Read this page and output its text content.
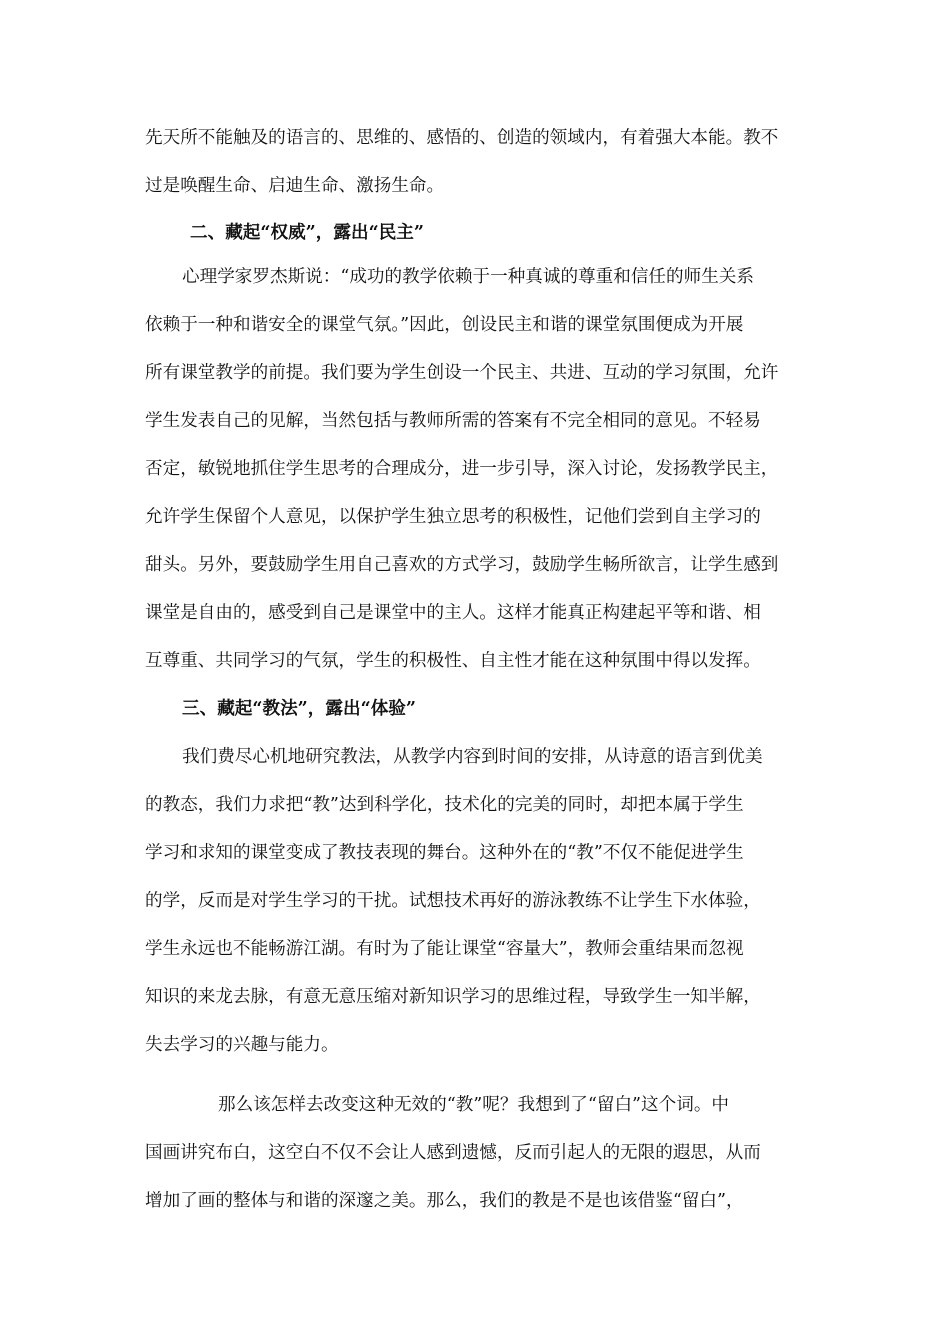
先天所不能触及的语言的、思维的、感悟的、创造的领域内，有着强大本能。教不
过是唤醒生命、启迪生命、激扬生命。
二、藏起“权威”，露出“民主”
心理学家罗杰斯说：“成功的教学依赖于一种真诚的尊重和信任的师生关系
依赖于一种和谐安全的课堂气氛。”因此，创设民主和谐的课堂氛围便成为开展
所有课堂教学的前提。我们要为学生创设一个民主、共进、互动的学习氛围，允许
学生发表自己的见解，当然包括与教师所需的答案有不完全相同的意见。不轻易
否定，敏锐地抓住学生思考的合理成分，进一步引导，深入讨论，发扬教学民主，
允许学生保留个人意见，以保护学生独立思考的积极性，记他们尝到自主学习的
甜头。另外，要鼓励学生用自己喜欢的方式学习，鼓励学生畅所欲言，让学生感到
课堂是自由的，感受到自己是课堂中的主人。这样才能真正构建起平等和谐、相
互尊重、共同学习的气氛，学生的积极性、自主性才能在这种氛围中得以发挥。
三、藏起“教法”，露出“体验”
我们费尽心机地研究教法，从教学内容到时间的安排，从诗意的语言到优美
的教态，我们力求把“教”达到科学化，技术化的完美的同时，却把本属于学生
学习和求知的课堂变成了教技表现的舞台。这种外在的“教”不仅不能促进学生
的学，反而是对学生学习的干扰。试想技术再好的游泳教练不让学生下水体验，
学生永远也不能畅游江湖。有时为了能让课堂“容量大”，教师会重结果而忽视
知识的来龙去脉，有意无意压缩对新知识学习的思维过程，导致学生一知半解，
失去学习的兴趣与能力。
那么该怎样去改变这种无效的“教”呢？我想到了“留白”这个词。中
国画讲究布白，这空白不仅不会让人感到遗憾，反而引起人的无限的遐思，从而
增加了画的整体与和谐的深邃之美。那么，我们的教是不是也该借鉴“留白”，
